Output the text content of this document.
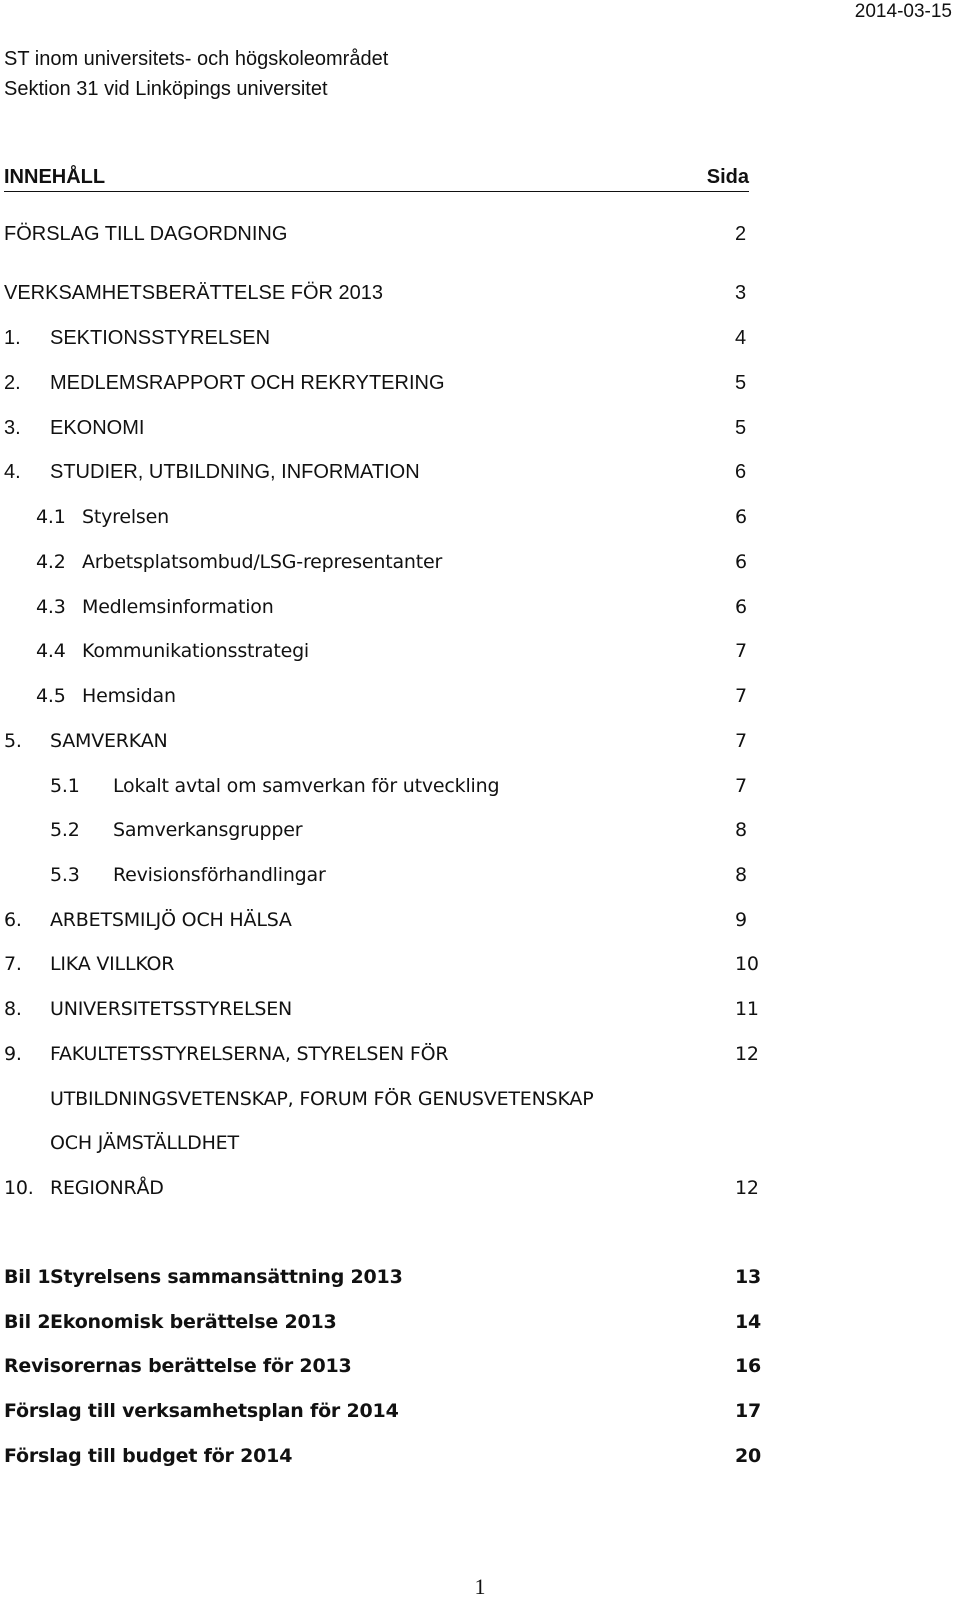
2014-03-15
ST inom universitets- och högskoleområdet
Sektion 31 vid Linköpings universitet
INNEHÅLL	Sida
FÖRSLAG TILL DAGORDNING	2
VERKSAMHETSBERÄTTELSE FÖR 2013	3
1. SEKTIONSSTYRELSEN	4
2. MEDLEMSRAPPORT OCH REKRYTERING	5
3. EKONOMI	5
4. STUDIER, UTBILDNING, INFORMATION	6
4.1 Styrelsen	6
4.2 Arbetsplatsombud/LSG-representanter	6
4.3 Medlemsinformation	6
4.4 Kommunikationsstrategi	7
4.5 Hemsidan	7
5. SAMVERKAN	7
5.1 Lokalt avtal om samverkan för utveckling	7
5.2 Samverkansgrupper	8
5.3 Revisionsförhandlingar	8
6. ARBETSMILJÖ OCH HÄLSA	9
7. LIKA VILLKOR	10
8. UNIVERSITETSSTYRELSEN	11
9. FAKULTETSSTYRELSERNA, STYRELSEN FÖR	12
UTBILDNINGSVETENSKAP, FORUM FÖR GENUSVETENSKAP
OCH JÄMSTÄLLDHET
10. REGIONRÅD	12
Bil 1 Styrelsens sammansättning 2013	13
Bil 2 Ekonomisk berättelse 2013	14
Revisorernas berättelse för 2013	16
Förslag till verksamhetsplan för 2014	17
Förslag till budget för 2014	20
1
